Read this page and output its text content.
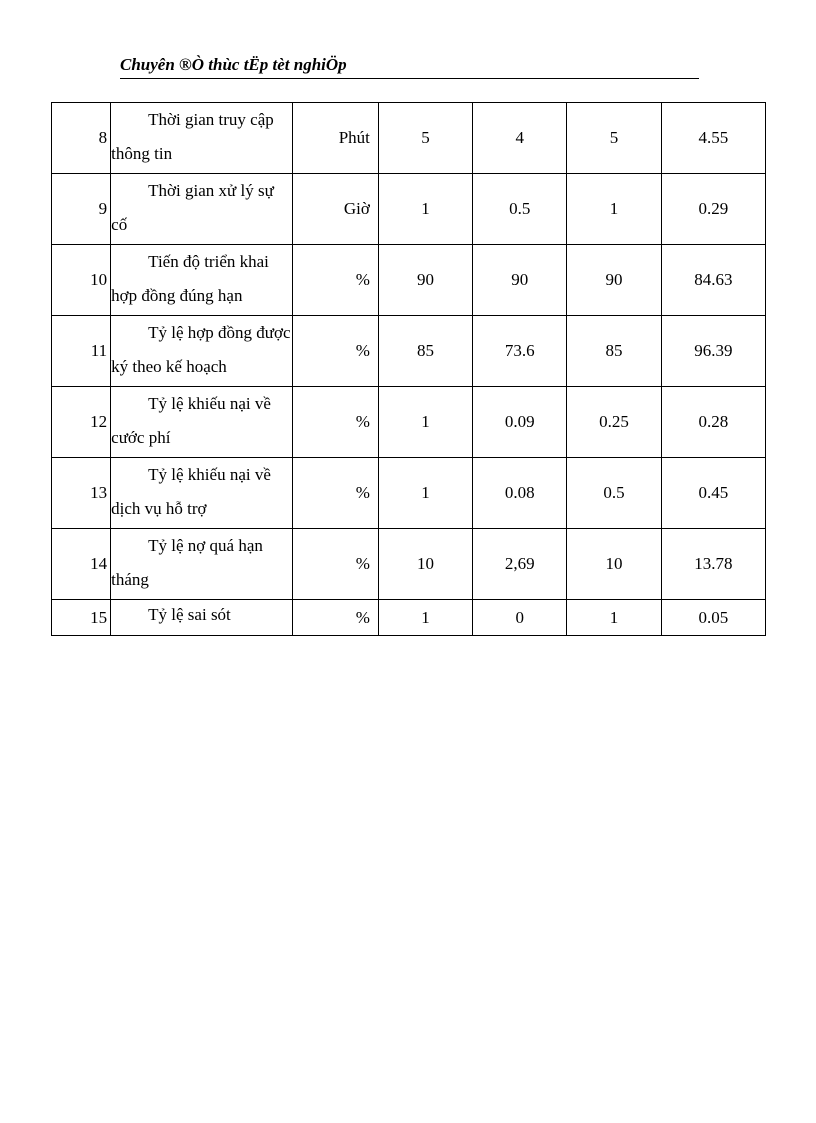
Chuyên ®Ò thùc tËp tèt nghiÖp
8	Thời gian truy cập thông tin	Phút	5	4	5	4.55
9	Thời gian xử lý sự cố	Giờ	1	0.5	1	0.29
10	Tiến độ triển khai hợp đồng đúng hạn	%	90	90	90	84.63
11	Tỷ lệ hợp đồng được ký theo kế hoạch	%	85	73.6	85	96.39
12	Tỷ lệ khiếu nại về cước phí	%	1	0.09	0.25	0.28
13	Tỷ lệ khiếu nại về dịch vụ hỗ trợ	%	1	0.08	0.5	0.45
14	Tỷ lệ nợ quá hạn tháng	%	10	2,69	10	13.78
15	Tỷ lệ sai sót	%	1	0	1	0.05
